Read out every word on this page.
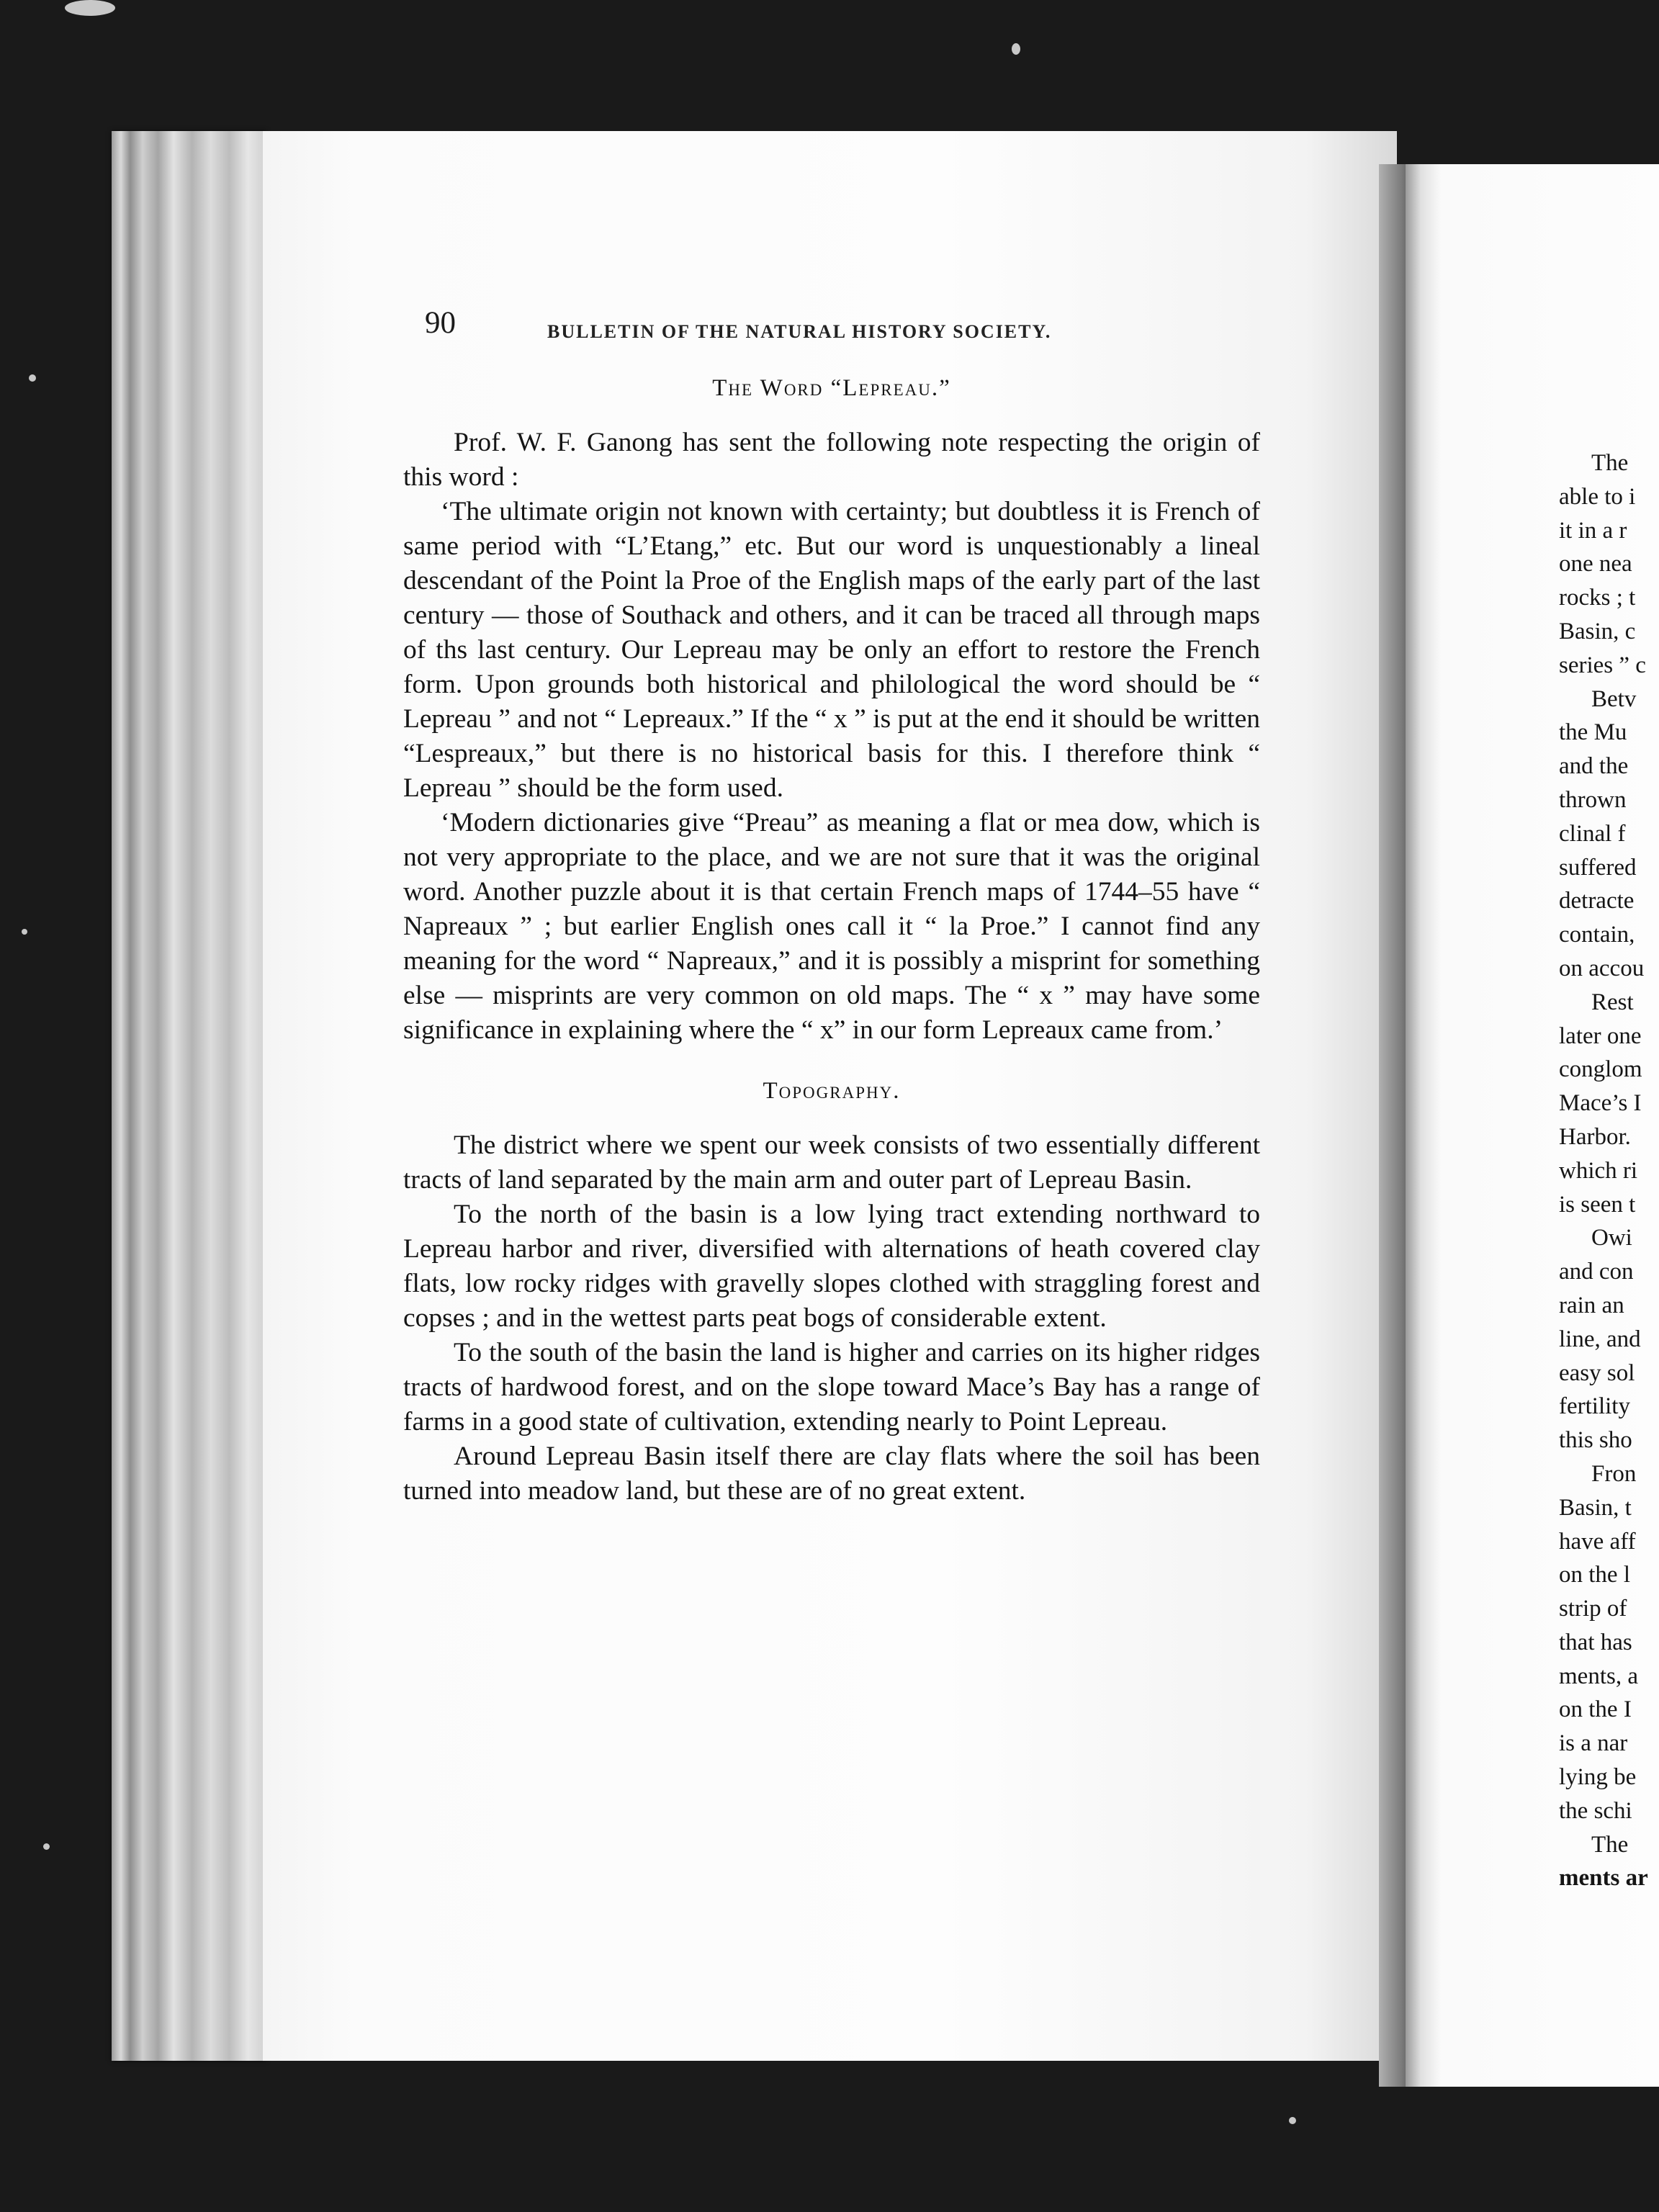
90	BULLETIN OF THE NATURAL HISTORY SOCIETY.
The Word “Lepreau.”

Prof. W. F. Ganong has sent the following note respecting the origin of this word :

‘The ultimate origin not known with certainty; but doubtless it is French of same period with “L’Etang,” etc. But our word is unquestionably a lineal descendant of the Point la Proe of the English maps of the early part of the last century — those of Southack and others, and it can be traced all through maps of ths last century. Our Lepreau may be only an effort to restore the French form. Upon grounds both historical and philological the word should be “ Lepreau ” and not “ Lepreaux.” If the “ x ” is put at the end it should be written “Lespreaux,” but there is no historical basis for this. I therefore think “ Lepreau ” should be the form used.

‘Modern dictionaries give “Preau” as meaning a flat or mea dow, which is not very appropriate to the place, and we are not sure that it was the original word. Another puzzle about it is that certain French maps of 1744–55 have “ Napreaux ” ; but earlier English ones call it “ la Proe.” I cannot find any meaning for the word “ Napreaux,” and it is possibly a misprint for something else — misprints are very common on old maps. The “ x ” may have some significance in explaining where the “ x” in our form Lepreaux came from.’

Topography.

The district where we spent our week consists of two essentially different tracts of land separated by the main arm and outer part of Lepreau Basin.

To the north of the basin is a low lying tract extending northward to Lepreau harbor and river, diversified with alternations of heath covered clay flats, low rocky ridges with gravelly slopes clothed with straggling forest and copses ; and in the wettest parts peat bogs of considerable extent.

To the south of the basin the land is higher and carries on its higher ridges tracts of hardwood forest, and on the slope toward Mace’s Bay has a range of farms in a good state of cultivation, extending nearly to Point Lepreau.

Around Lepreau Basin itself there are clay flats where the soil has been turned into meadow land, but these are of no great extent.

The
able to i
it in a r
one nea
rocks ; t
Basin, c
series ” c
Betv
the Mu
and the
thrown
clinal f
suffered
detracte
contain,
on accou
Rest
later one
conglom
Mace’s I
Harbor.
which ri
is seen t
Owi
and con
rain an
line, and
easy sol
fertility
this sho
Fron
Basin, t
have aff
on the l
strip of
that has
ments, a
on the I
is a nar
lying be
the schi
The
ments ar
